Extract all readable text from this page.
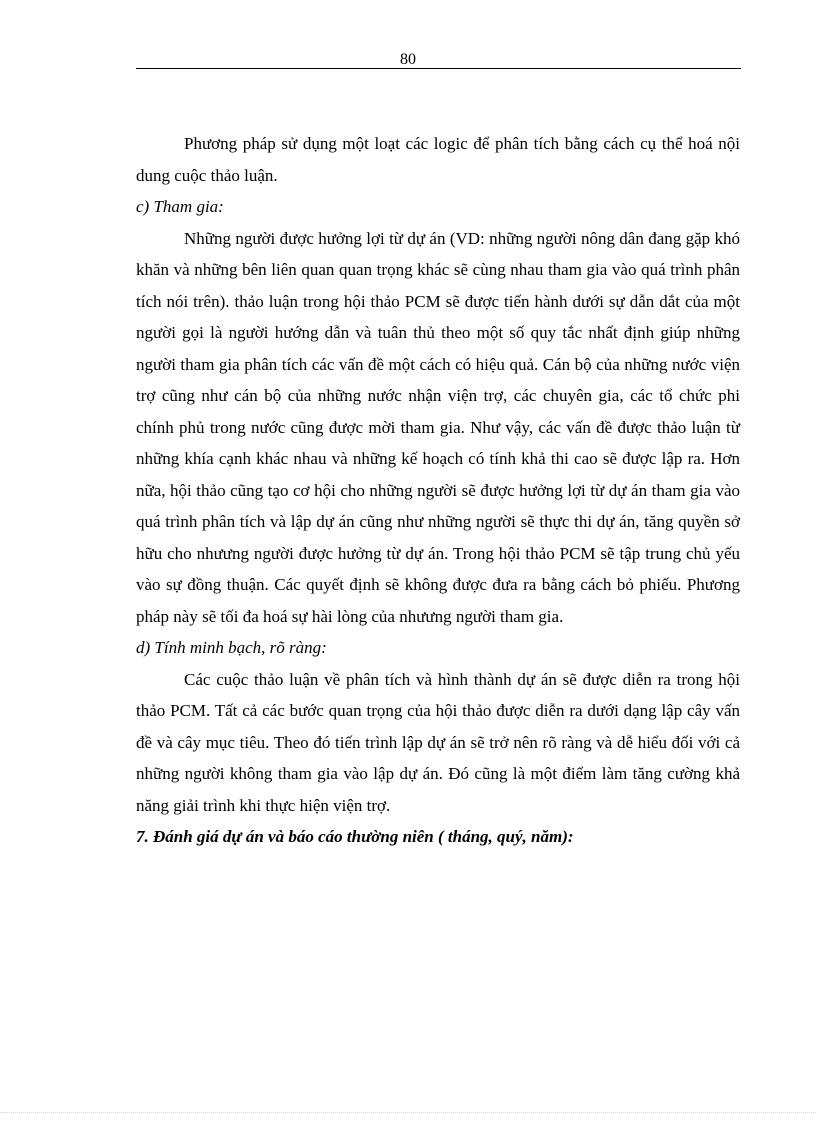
80

Phương pháp sử dụng một loạt các logic để phân tích bằng cách cụ thể hoá nội dung cuộc thảo luận.

c) Tham gia:

Những người được hưởng lợi từ dự án (VD: những người nông dân đang gặp khó khăn và những bên liên quan quan trọng khác sẽ cùng nhau tham gia vào quá trình phân tích nói trên). thảo luận trong hội thảo PCM sẽ được tiến hành dưới sự dẫn dắt của một người gọi là người hướng dẫn và tuân thủ theo một số quy tắc nhất định giúp những người tham gia phân tích các vấn đề một cách có hiệu quả. Cán bộ của những nước viện trợ cũng như cán bộ của những nước nhận viện trợ, các chuyên gia, các tổ chức phi chính phủ trong nước cũng được mời tham gia. Như vậy, các vấn đề được thảo luận từ những khía cạnh khác nhau và những kế hoạch có tính khả thi cao sẽ được lập ra. Hơn nữa, hội thảo cũng tạo cơ hội cho những người sẽ được hưởng lợi từ dự án tham gia vào quá trình phân tích và lập dự án cũng như những người sẽ thực thi dự án, tăng quyền sở hữu cho nhưưng người được hưởng từ dự án. Trong hội thảo PCM sẽ tập trung chủ yếu vào sự đồng thuận. Các quyết định sẽ không được đưa ra bằng cách bỏ phiếu. Phương pháp này sẽ tối đa hoá sự hài lòng của nhưưng người tham gia.

d) Tính minh bạch, rõ ràng:

Các cuộc thảo luận về phân tích và hình thành dự án sẽ được diễn ra trong hội thảo PCM. Tất cả các bước quan trọng của hội thảo được diễn ra dưới dạng lập cây vấn đề và cây mục tiêu. Theo đó tiến trình lập dự án sẽ trở nên rõ ràng và dễ hiểu đối với cả những người không tham gia vào lập dự án. Đó cũng là một điểm làm tăng cường khả năng giải trình khi thực hiện viện trợ.

7. Đánh giá dự án và báo cáo thường niên ( tháng, quý, năm):
